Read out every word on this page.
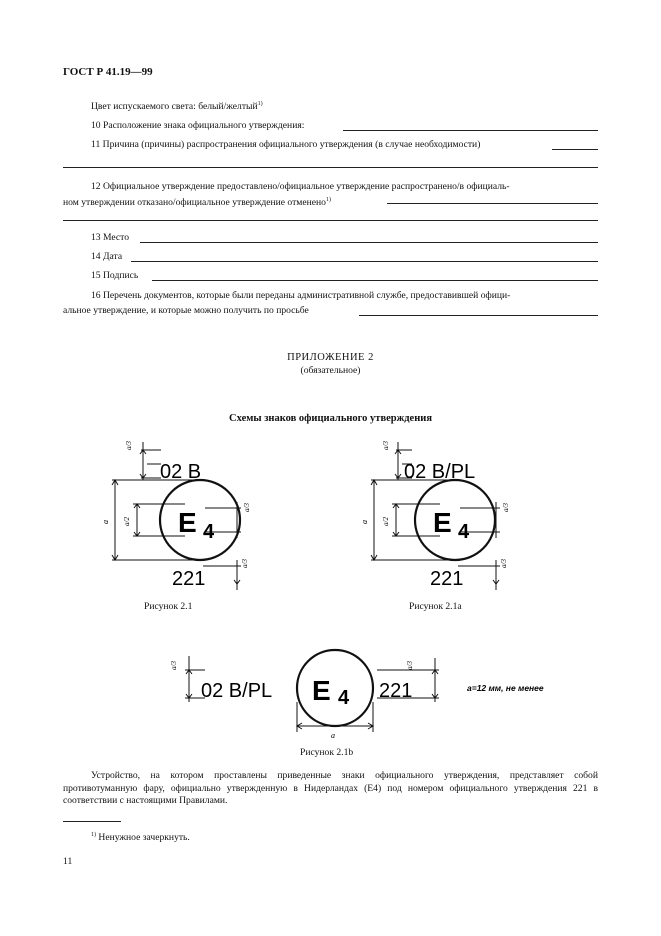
ГОСТ Р 41.19—99
Цвет испускаемого света: белый/желтый$^{1)}$
10 Расположение знака официального утверждения:
11 Причина (причины) распространения официального утверждения (в случае необходимости)
12 Официальное утверждение предоставлено/официальное утверждение распространено/в официаль-
ном утверждении отказано/официальное утверждение отменено$^{1)}$
13 Место
14 Дата
15 Подпись
16 Перечень документов, которые были переданы административной службе, предоставившей офици-
альное утверждение, и которые можно получить по просьбе
ПРИЛОЖЕНИЕ 2
(обязательное)
Схемы знаков официального утверждения
a/3
a a/2
a/3
a/3
02 B
E 4
221
Рисунок 2.1
a/3
a a/2
a/3
a/3
02 B/PL
E 4
221
Рисунок 2.1а
a/3	a/3
a
02 B/PL E 4 221	a=12 мм, не менее
Рисунок 2.1b
Устройство, на котором проставлены приведенные знаки официального утверждения, представляет собой противотуманную фару, официально утвержденную в Нидерландах (Е4) под номером официального утверждения 221 в соответствии с настоящими Правилами.
$^{1)}$ Ненужное зачеркнуть.
11
